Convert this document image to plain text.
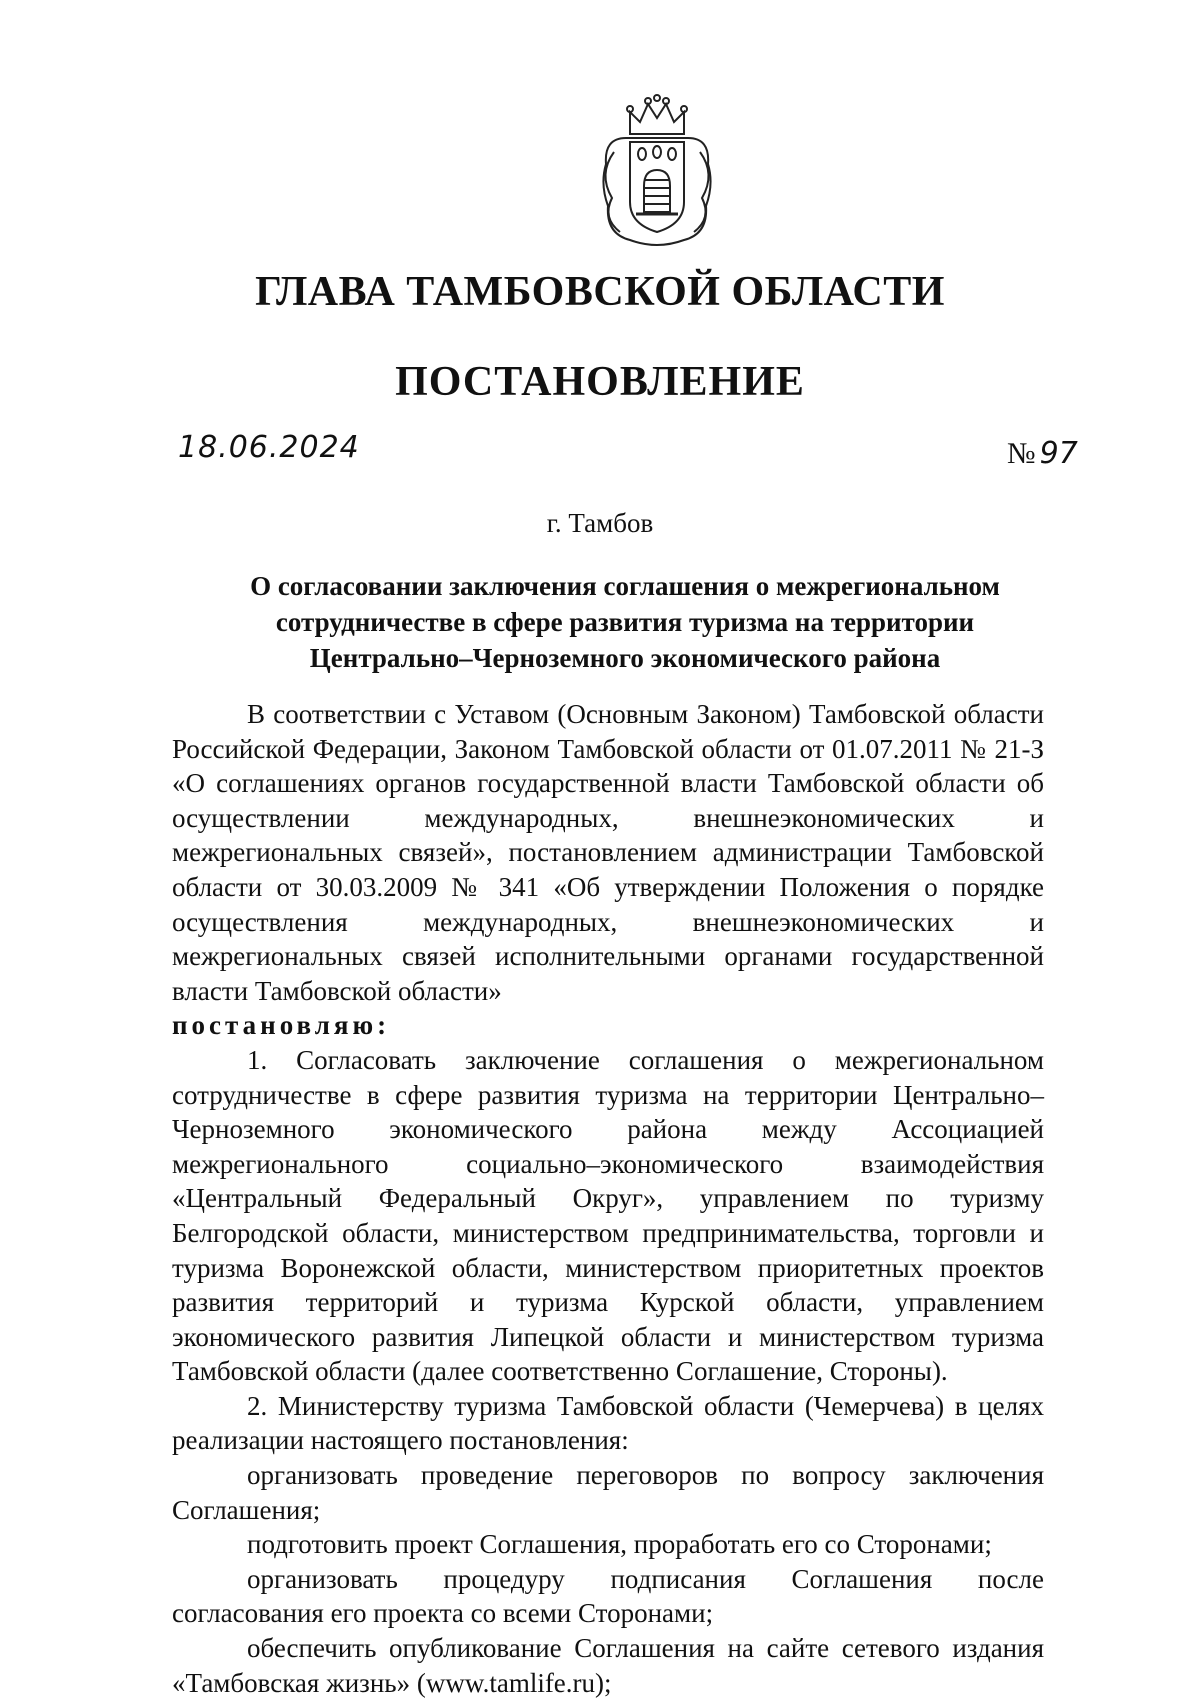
ГЛАВА ТАМБОВСКОЙ ОБЛАСТИ
ПОСТАНОВЛЕНИЕ
18.06.2024	№ 97
г. Тамбов
О согласовании заключения соглашения о межрегиональном
сотрудничестве в сфере развития туризма на территории
Центрально–Черноземного экономического района

В соответствии с Уставом (Основным Законом) Тамбовской области Российской Федерации, Законом Тамбовской области от 01.07.2011 № 21-З «О соглашениях органов государственной власти Тамбовской области об осуществлении международных, внешнеэкономических и межрегиональных связей», постановлением администрации Тамбовской области от 30.03.2009 № 341 «Об утверждении Положения о порядке осуществления международных, внешнеэкономических и межрегиональных связей исполнительными органами государственной власти Тамбовской области»

постановляю:

1. Согласовать заключение соглашения о межрегиональном сотрудничестве в сфере развития туризма на территории Центрально–Черноземного экономического района между Ассоциацией межрегионального социально–экономического взаимодействия «Центральный Федеральный Округ», управлением по туризму Белгородской области, министерством предпринимательства, торговли и туризма Воронежской области, министерством приоритетных проектов развития территорий и туризма Курской области, управлением экономического развития Липецкой области и министерством туризма Тамбовской области (далее соответственно Соглашение, Стороны).

2. Министерству туризма Тамбовской области (Чемерчева) в целях реализации настоящего постановления:

организовать проведение переговоров по вопросу заключения Соглашения;

подготовить проект Соглашения, проработать его со Сторонами;

организовать процедуру подписания Соглашения после согласования его проекта со всеми Сторонами;

обеспечить опубликование Соглашения на сайте сетевого издания «Тамбовская жизнь» (www.tamlife.ru);
